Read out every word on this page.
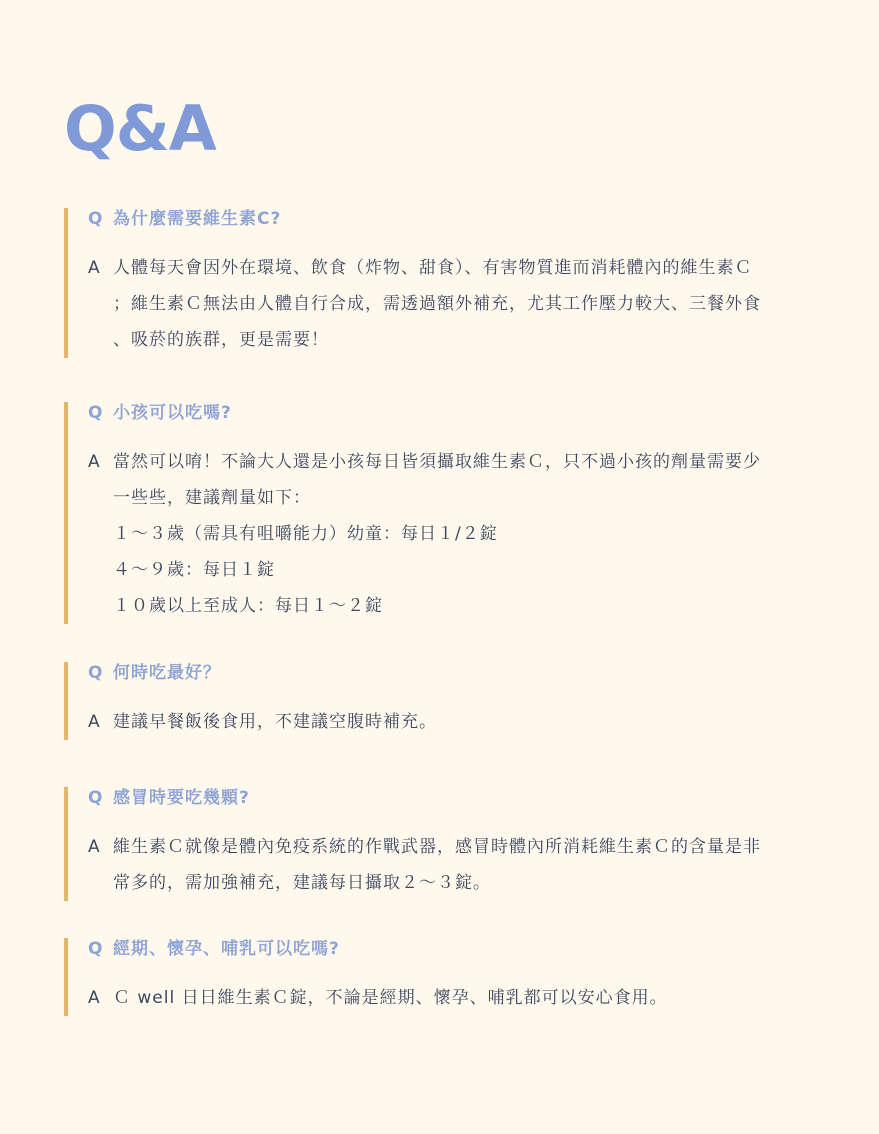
Q&A
Q 為什麼需要維生素C?
A 人體每天會因外在環境、飲食（炸物、甜食）、有害物質進而消耗體內的維生素Ｃ
；維生素Ｃ無法由人體自行合成，需透過額外補充，尤其工作壓力較大、三餐外食
、吸菸的族群，更是需要！
Q 小孩可以吃嗎?
A 當然可以唷！不論大人還是小孩每日皆須攝取維生素Ｃ，只不過小孩的劑量需要少
一些些，建議劑量如下：
１～３歲（需具有咀嚼能力）幼童：每日１/２錠
４～９歲：每日１錠
１０歲以上至成人：每日１～２錠
Q 何時吃最好？
A 建議早餐飯後食用，不建議空腹時補充。
Q 感冒時要吃幾顆?
A 維生素Ｃ就像是體內免疫系統的作戰武器，感冒時體內所消耗維生素Ｃ的含量是非
常多的，需加強補充，建議每日攝取２～３錠。
Q 經期、懷孕、哺乳可以吃嗎?
A Ｃ well 日日維生素Ｃ錠，不論是經期、懷孕、哺乳都可以安心食用。
